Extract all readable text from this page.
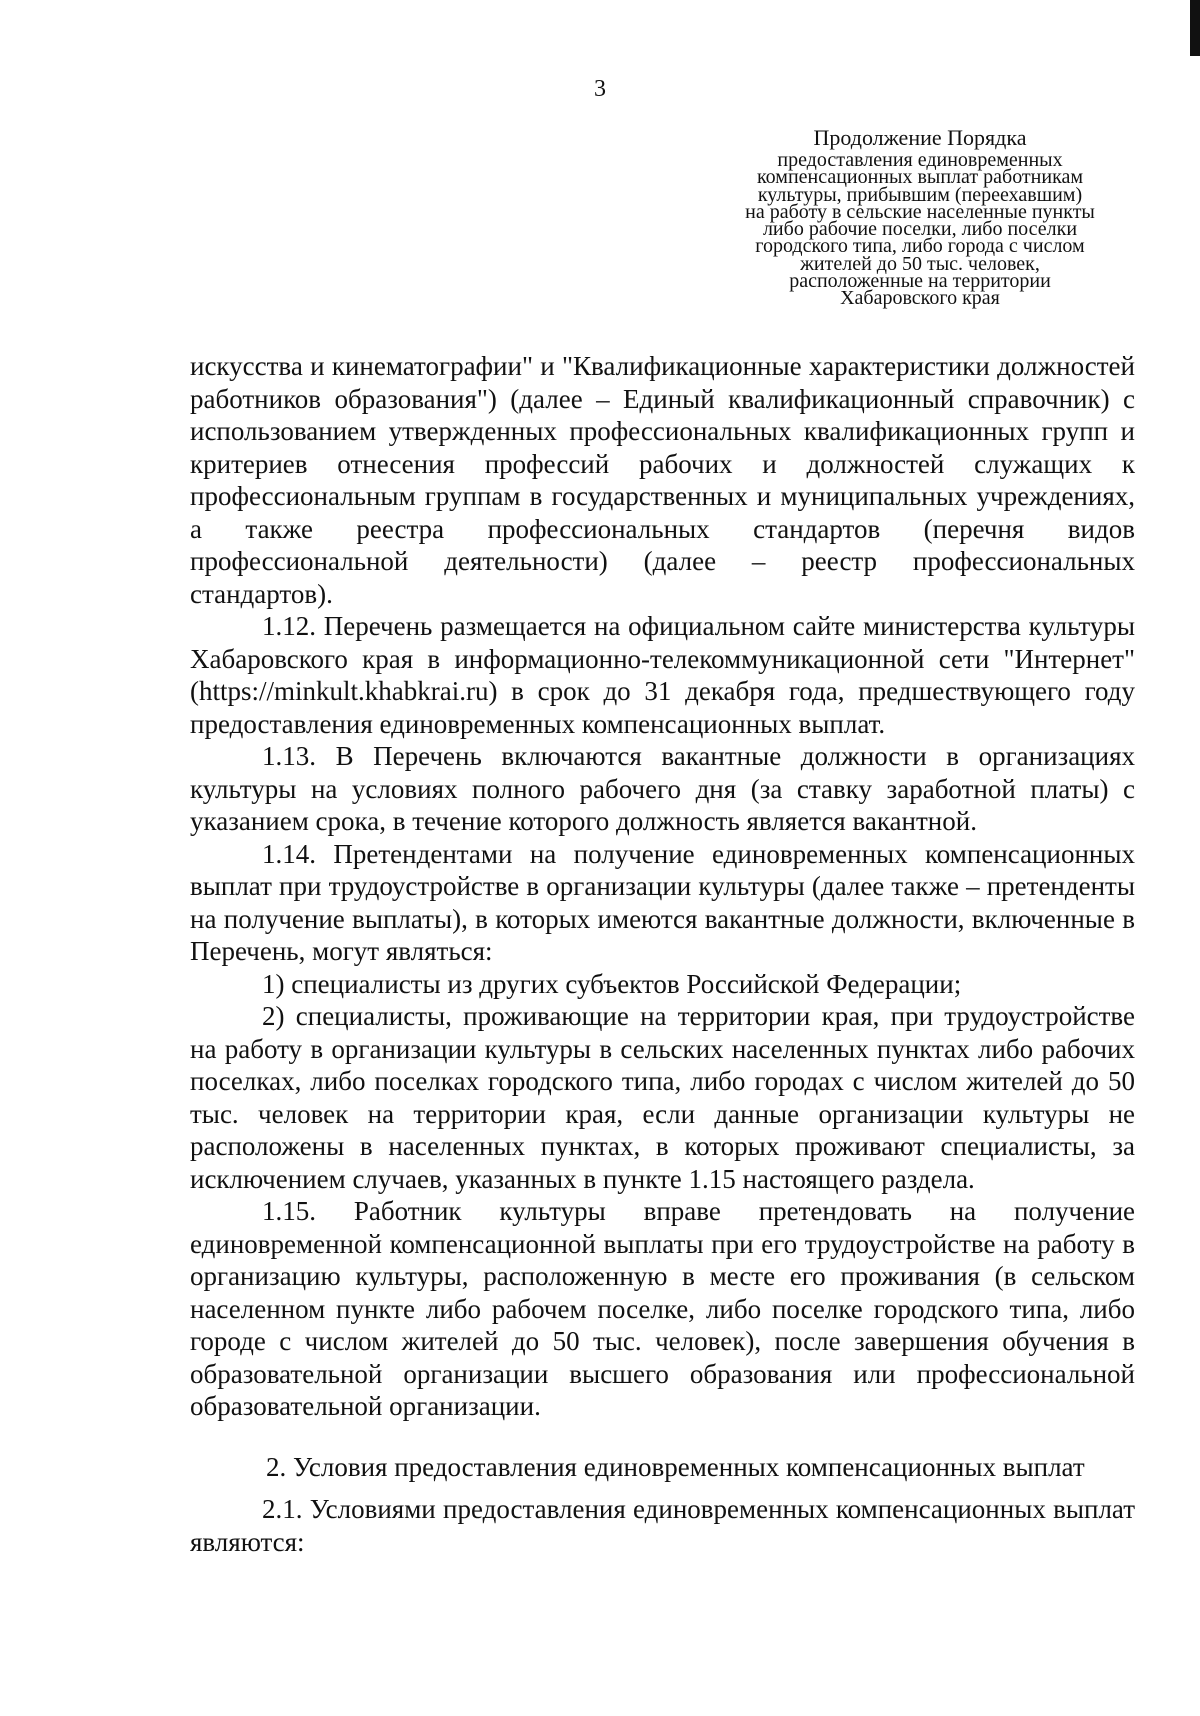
3
Продолжение Порядка
предоставления единовременных
компенсационных выплат работникам
культуры, прибывшим (переехавшим)
на работу в сельские населенные пункты
либо рабочие поселки, либо поселки
городского типа, либо города с числом
жителей до 50 тыс. человек,
расположенные на территории
Хабаровского края

искусства и кинематографии" и "Квалификационные характеристики должностей работников образования") (далее – Единый квалификационный справочник) с использованием утвержденных профессиональных квалификационных групп и критериев отнесения профессий рабочих и должностей служащих к профессиональным группам в государственных и муниципальных учреждениях, а также реестра профессиональных стандартов (перечня видов профессиональной деятельности) (далее – реестр профессиональных стандартов).

1.12. Перечень размещается на официальном сайте министерства культуры Хабаровского края в информационно-телекоммуникационной сети "Интернет" (https://minkult.khabkrai.ru) в срок до 31 декабря года, предшествующего году предоставления единовременных компенсационных выплат.

1.13. В Перечень включаются вакантные должности в организациях культуры на условиях полного рабочего дня (за ставку заработной платы) с указанием срока, в течение которого должность является вакантной.

1.14. Претендентами на получение единовременных компенсационных выплат при трудоустройстве в организации культуры (далее также – претенденты на получение выплаты), в которых имеются вакантные должности, включенные в Перечень, могут являться:

1) специалисты из других субъектов Российской Федерации;

2) специалисты, проживающие на территории края, при трудоустройстве на работу в организации культуры в сельских населенных пунктах либо рабочих поселках, либо поселках городского типа, либо городах с числом жителей до 50 тыс. человек на территории края, если данные организации культуры не расположены в населенных пунктах, в которых проживают специалисты, за исключением случаев, указанных в пункте 1.15 настоящего раздела.

1.15. Работник культуры вправе претендовать на получение единовременной компенсационной выплаты при его трудоустройстве на работу в организацию культуры, расположенную в месте его проживания (в сельском населенном пункте либо рабочем поселке, либо поселке городского типа, либо городе с числом жителей до 50 тыс. человек), после завершения обучения в образовательной организации высшего образования или профессиональной образовательной организации.

2. Условия предоставления единовременных компенсационных выплат

2.1. Условиями предоставления единовременных компенсационных выплат являются:
